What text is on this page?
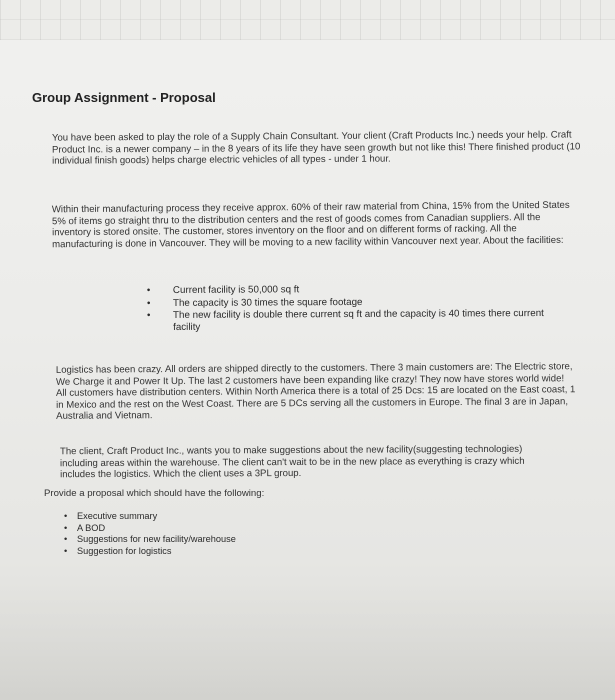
Group Assignment - Proposal

You have been asked to play the role of a Supply Chain Consultant. Your client (Craft Products Inc.) needs your help. Craft Product Inc. is a newer company – in the 8 years of its life they have seen growth but not like this! There finished product (10 individual finish goods) helps charge electric vehicles of all types - under 1 hour.

Within their manufacturing process they receive approx. 60% of their raw material from China, 15% from the United States 5% of items go straight thru to the distribution centers and the rest of goods comes from Canadian suppliers. All the inventory is stored onsite. The customer, stores inventory on the floor and on different forms of racking. All the manufacturing is done in Vancouver. They will be moving to a new facility within Vancouver next year. About the facilities:

• Current facility is 50,000 sq ft
• The capacity is 30 times the square footage
• The new facility is double there current sq ft and the capacity is 40 times there current facility

Logistics has been crazy. All orders are shipped directly to the customers. There 3 main customers are: The Electric store, We Charge it and Power It Up. The last 2 customers have been expanding like crazy! They now have stores world wide! All customers have distribution centers. Within North America there is a total of 25 Dcs: 15 are located on the East coast, 1 in Mexico and the rest on the West Coast. There are 5 DCs serving all the customers in Europe. The final 3 are in Japan, Australia and Vietnam.

The client, Craft Product Inc., wants you to make suggestions about the new facility(suggesting technologies) including areas within the warehouse. The client can't wait to be in the new place as everything is crazy which includes the logistics. Which the client uses a 3PL group.

Provide a proposal which should have the following:

• Executive summary
• A BOD
• Suggestions for new facility/warehouse
• Suggestion for logistics
